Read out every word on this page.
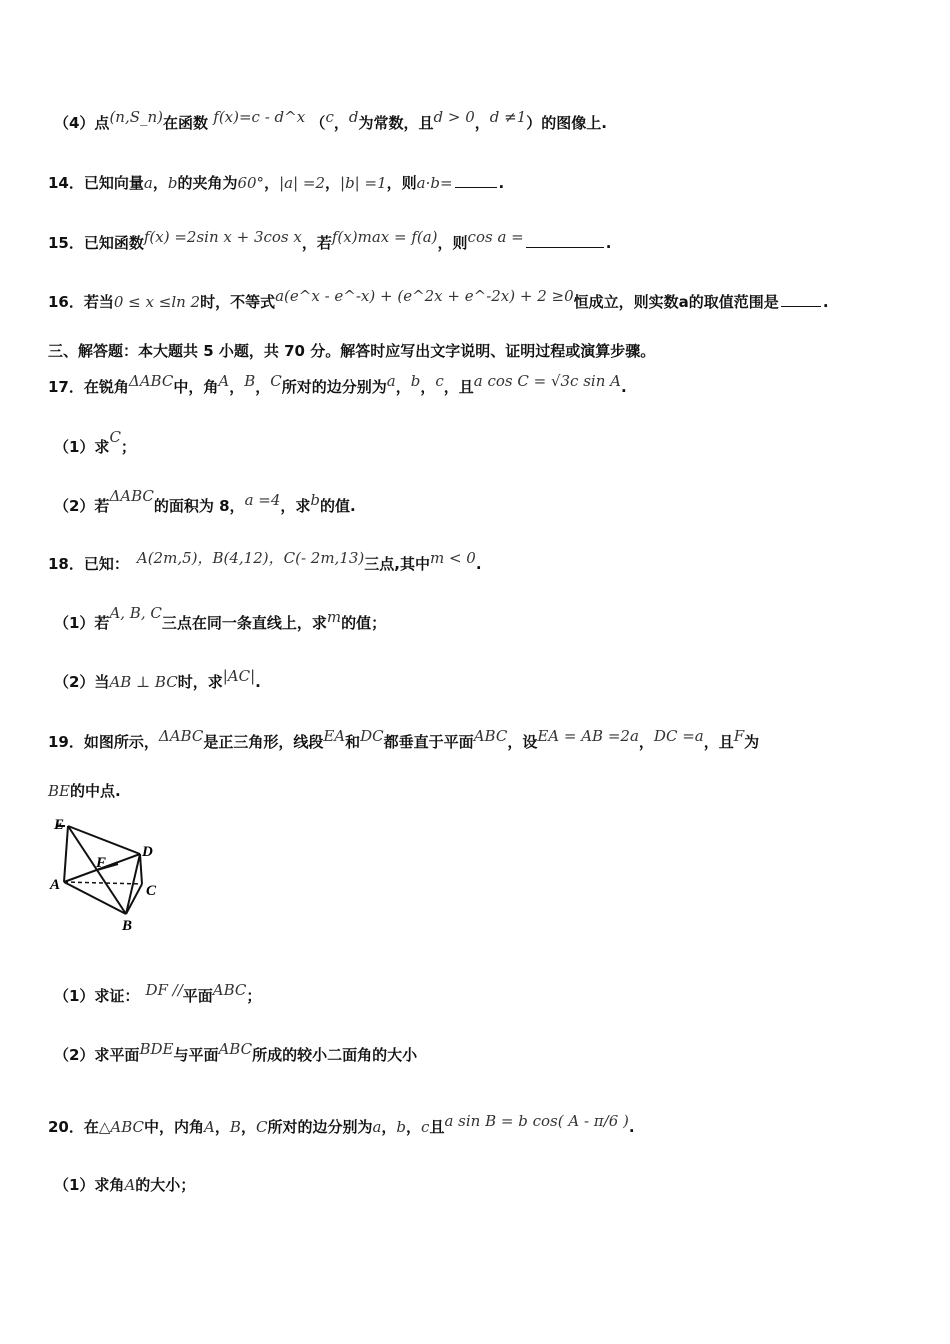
（4）点(n,S_n)在函数 f(x)=c - d^x （c，d为常数，且d > 0，d ≠1）的图像上.
14．已知向量a，b的夹角为60°，|a| =2，|b| =1，则a·b=	.
15．已知函数f(x) =2sin x + 3cos x，若f(x)max = f(a)，则cos a =	.
16．若当0 ≤ x ≤ln 2时，不等式a(e^x - e^-x) + (e^2x + e^-2x) + 2 ≥0恒成立，则实数a的取值范围是	.
三、解答题：本大题共 5 小题，共 70 分。解答时应写出文字说明、证明过程或演算步骤。
17．在锐角ΔABC中，角A，B，C所对的边分别为a，b，c，且a cos C = √3c sin A.
（1）求C；
（2）若ΔABC的面积为 8，a =4，求b的值.
18．已知： A(2m,5)，B(4,12)，C(- 2m,13)三点,其中m < 0.
（1）若A, B, C三点在同一条直线上，求m的值；
（2）当AB ⊥ BC时，求|AC|.
19．如图所示，ΔABC是正三角形，线段EA和DC都垂直于平面ABC，设EA = AB =2a，DC =a，且F为
BE的中点.
E
D
F
A	C
B
（1）求证： DF //平面ABC；
（2）求平面BDE与平面ABC所成的较小二面角的大小
20．在△ABC中，内角A，B，C所对的边分别为a，b，c且a sin B = b cos( A - π/6 ).
（1）求角A的大小；
